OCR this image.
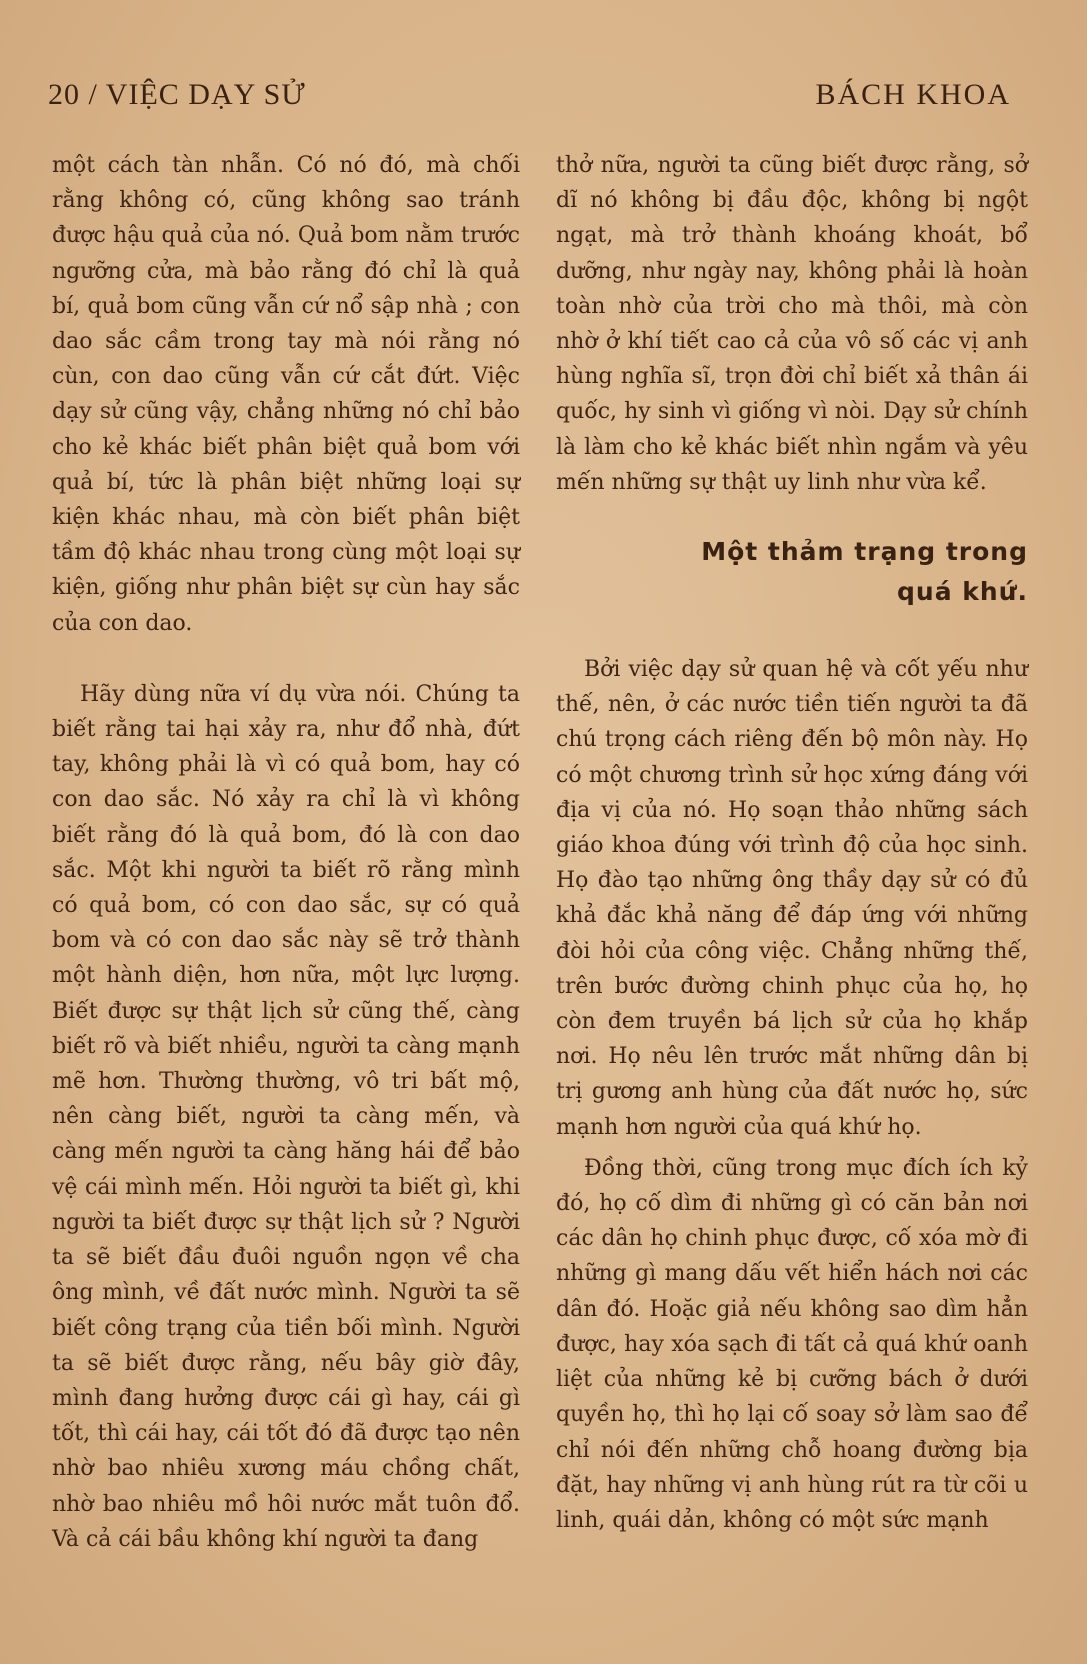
20 / VIỆC DẠY SỬ	BÁCH KHOA

một cách tàn nhẫn. Có nó đó, mà chối rằng không có, cũng không sao tránh được hậu quả của nó. Quả bom nằm trước ngưỡng cửa, mà bảo rằng đó chỉ là quả bí, quả bom cũng vẫn cứ nổ sập nhà ; con dao sắc cầm trong tay mà nói rằng nó cùn, con dao cũng vẫn cứ cắt đứt. Việc dạy sử cũng vậy, chẳng những nó chỉ bảo cho kẻ khác biết phân biệt quả bom với quả bí, tức là phân biệt những loại sự kiện khác nhau, mà còn biết phân biệt tầm độ khác nhau trong cùng một loại sự kiện, giống như phân biệt sự cùn hay sắc của con dao.

Hãy dùng nữa ví dụ vừa nói. Chúng ta biết rằng tai hại xảy ra, như đổ nhà, đứt tay, không phải là vì có quả bom, hay có con dao sắc. Nó xảy ra chỉ là vì không biết rằng đó là quả bom, đó là con dao sắc. Một khi người ta biết rõ rằng mình có quả bom, có con dao sắc, sự có quả bom và có con dao sắc này sẽ trở thành một hành diện, hơn nữa, một lực lượng. Biết được sự thật lịch sử cũng thế, càng biết rõ và biết nhiều, người ta càng mạnh mẽ hơn. Thường thường, vô tri bất mộ, nên càng biết, người ta càng mến, và càng mến người ta càng hăng hái để bảo vệ cái mình mến. Hỏi người ta biết gì, khi người ta biết được sự thật lịch sử ? Người ta sẽ biết đầu đuôi nguồn ngọn về cha ông mình, về đất nước mình. Người ta sẽ biết công trạng của tiền bối mình. Người ta sẽ biết được rằng, nếu bây giờ đây, mình đang hưởng được cái gì hay, cái gì tốt, thì cái hay, cái tốt đó đã được tạo nên nhờ bao nhiêu xương máu chồng chất, nhờ bao nhiêu mồ hôi nước mắt tuôn đổ. Và cả cái bầu không khí người ta đang

thở nữa, người ta cũng biết được rằng, sở dĩ nó không bị đầu độc, không bị ngột ngạt, mà trở thành khoáng khoát, bổ dưỡng, như ngày nay, không phải là hoàn toàn nhờ của trời cho mà thôi, mà còn nhờ ở khí tiết cao cả của vô số các vị anh hùng nghĩa sĩ, trọn đời chỉ biết xả thân ái quốc, hy sinh vì giống vì nòi. Dạy sử chính là làm cho kẻ khác biết nhìn ngắm và yêu mến những sự thật uy linh như vừa kể.

Một thảm trạng trong
quá khứ.

Bởi việc dạy sử quan hệ và cốt yếu như thế, nên, ở các nước tiền tiến người ta đã chú trọng cách riêng đến bộ môn này. Họ có một chương trình sử học xứng đáng với địa vị của nó. Họ soạn thảo những sách giáo khoa đúng với trình độ của học sinh. Họ đào tạo những ông thầy dạy sử có đủ khả đắc khả năng để đáp ứng với những đòi hỏi của công việc. Chẳng những thế, trên bước đường chinh phục của họ, họ còn đem truyền bá lịch sử của họ khắp nơi. Họ nêu lên trước mắt những dân bị trị gương anh hùng của đất nước họ, sức mạnh hơn người của quá khứ họ.

Đồng thời, cũng trong mục đích ích kỷ đó, họ cố dìm đi những gì có căn bản nơi các dân họ chinh phục được, cố xóa mờ đi những gì mang dấu vết hiển hách nơi các dân đó. Hoặc giả nếu không sao dìm hẳn được, hay xóa sạch đi tất cả quá khứ oanh liệt của những kẻ bị cưỡng bách ở dưới quyền họ, thì họ lại cố soay sở làm sao để chỉ nói đến những chỗ hoang đường bịa đặt, hay những vị anh hùng rút ra từ cõi u linh, quái dản, không có một sức mạnh
